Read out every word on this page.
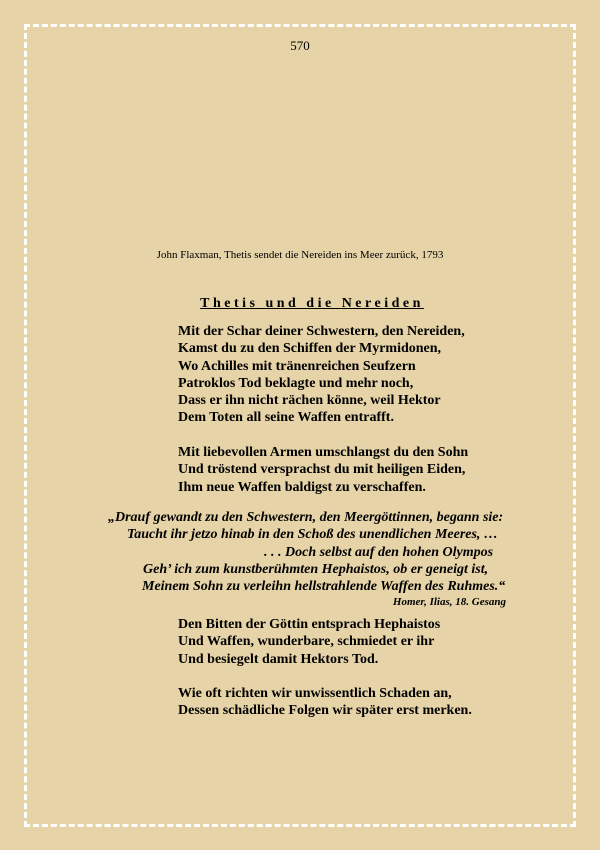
570
John Flaxman, Thetis sendet die Nereiden ins Meer zurück, 1793
Thetis und die Nereiden
Mit der Schar deiner Schwestern, den Nereiden,
Kamst du zu den Schiffen der Myrmidonen,
Wo Achilles mit tränenreichen Seufzern
Patroklos Tod beklagte und mehr noch,
Dass er ihn nicht rächen könne, weil Hektor
Dem Toten all seine Waffen entrafft.
Mit liebevollen Armen umschlangst du den Sohn
Und tröstend versprachst du mit heiligen Eiden,
Ihm neue Waffen baldigst zu verschaffen.
„Drauf gewandt zu den Schwestern, den Meergöttinnen, begann sie:
Taucht ihr jetzo hinab in den Schoß des unendlichen Meeres, …
. . . Doch selbst auf den hohen Olympos
Geh’ ich zum kunstberühmten Hephaistos, ob er geneigt ist,
Meinem Sohn zu verleihn hellstrahlende Waffen des Ruhmes.“
Homer, Ilias, 18. Gesang
Den Bitten der Göttin entsprach Hephaistos
Und Waffen, wunderbare, schmiedet er ihr
Und besiegelt damit Hektors Tod.
Wie oft richten wir unwissentlich Schaden an,
Dessen schädliche Folgen wir später erst merken.
